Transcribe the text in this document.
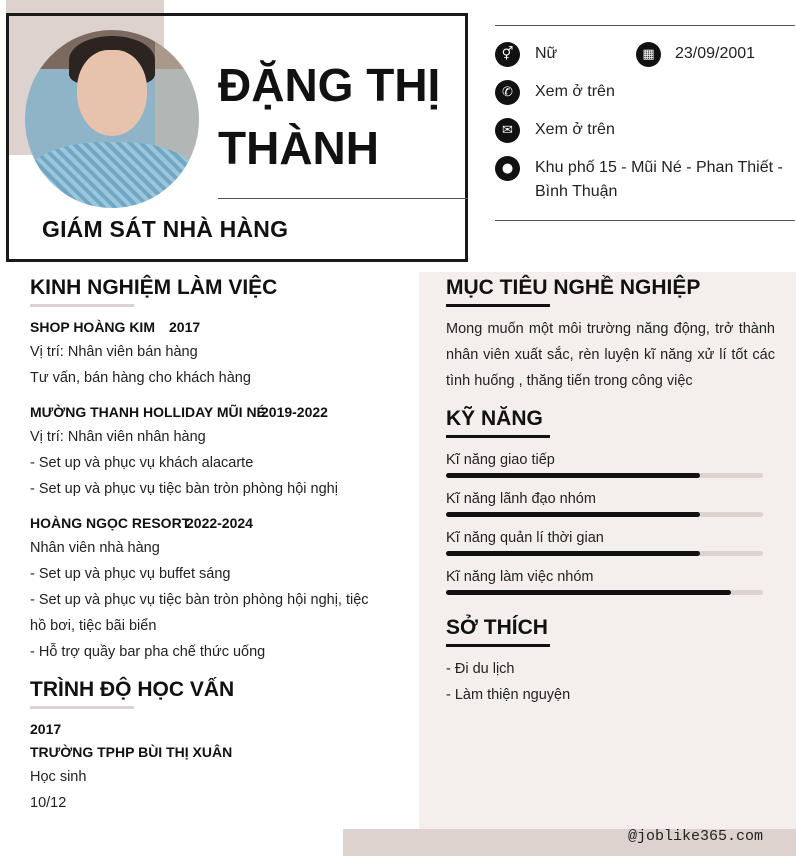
ĐẶNG THỊ
THÀNH
GIÁM SÁT NHÀ HÀNG
⚥	Nữ	▦	23/09/2001
✆	Xem ở trên
✉	Xem ở trên
●	Khu phố 15 - Mũi Né - Phan Thiết -
Bình Thuận
KINH NGHIỆM LÀM VIỆC
SHOP HOÀNG KIM 2017
Vị trí: Nhân viên bán hàng
Tư vấn, bán hàng cho khách hàng
MƯỜNG THANH HOLLIDAY MŨI NÉ
2019-2022
Vị trí: Nhân viên nhân hàng
- Set up và phục vụ khách alacarte
- Set up và phục vụ tiệc bàn tròn phòng hội nghị
HOÀNG NGỌC RESORT
2022-2024
Nhân viên nhà hàng
- Set up và phục vụ buffet sáng
- Set up và phục vụ tiệc bàn tròn phòng hội nghị, tiệc
hồ bơi, tiệc bãi biển
- Hỗ trợ quầy bar pha chế thức uống
TRÌNH ĐỘ HỌC VẤN
2017
TRƯỜNG TPHP BÙI THỊ XUÂN
Học sinh
10/12
MỤC TIÊU NGHỀ NGHIỆP
Mong muốn một môi trường năng động, trở thành nhân viên xuất sắc, rèn luyện kĩ năng xử lí tốt các tình huống , thăng tiến trong công việc
KỸ NĂNG
Kĩ năng giao tiếp
Kĩ năng lãnh đạo nhóm
Kĩ năng quản lí thời gian
Kĩ năng làm việc nhóm
SỞ THÍCH
- Đi du lịch
- Làm thiện nguyện
@joblike365.com
